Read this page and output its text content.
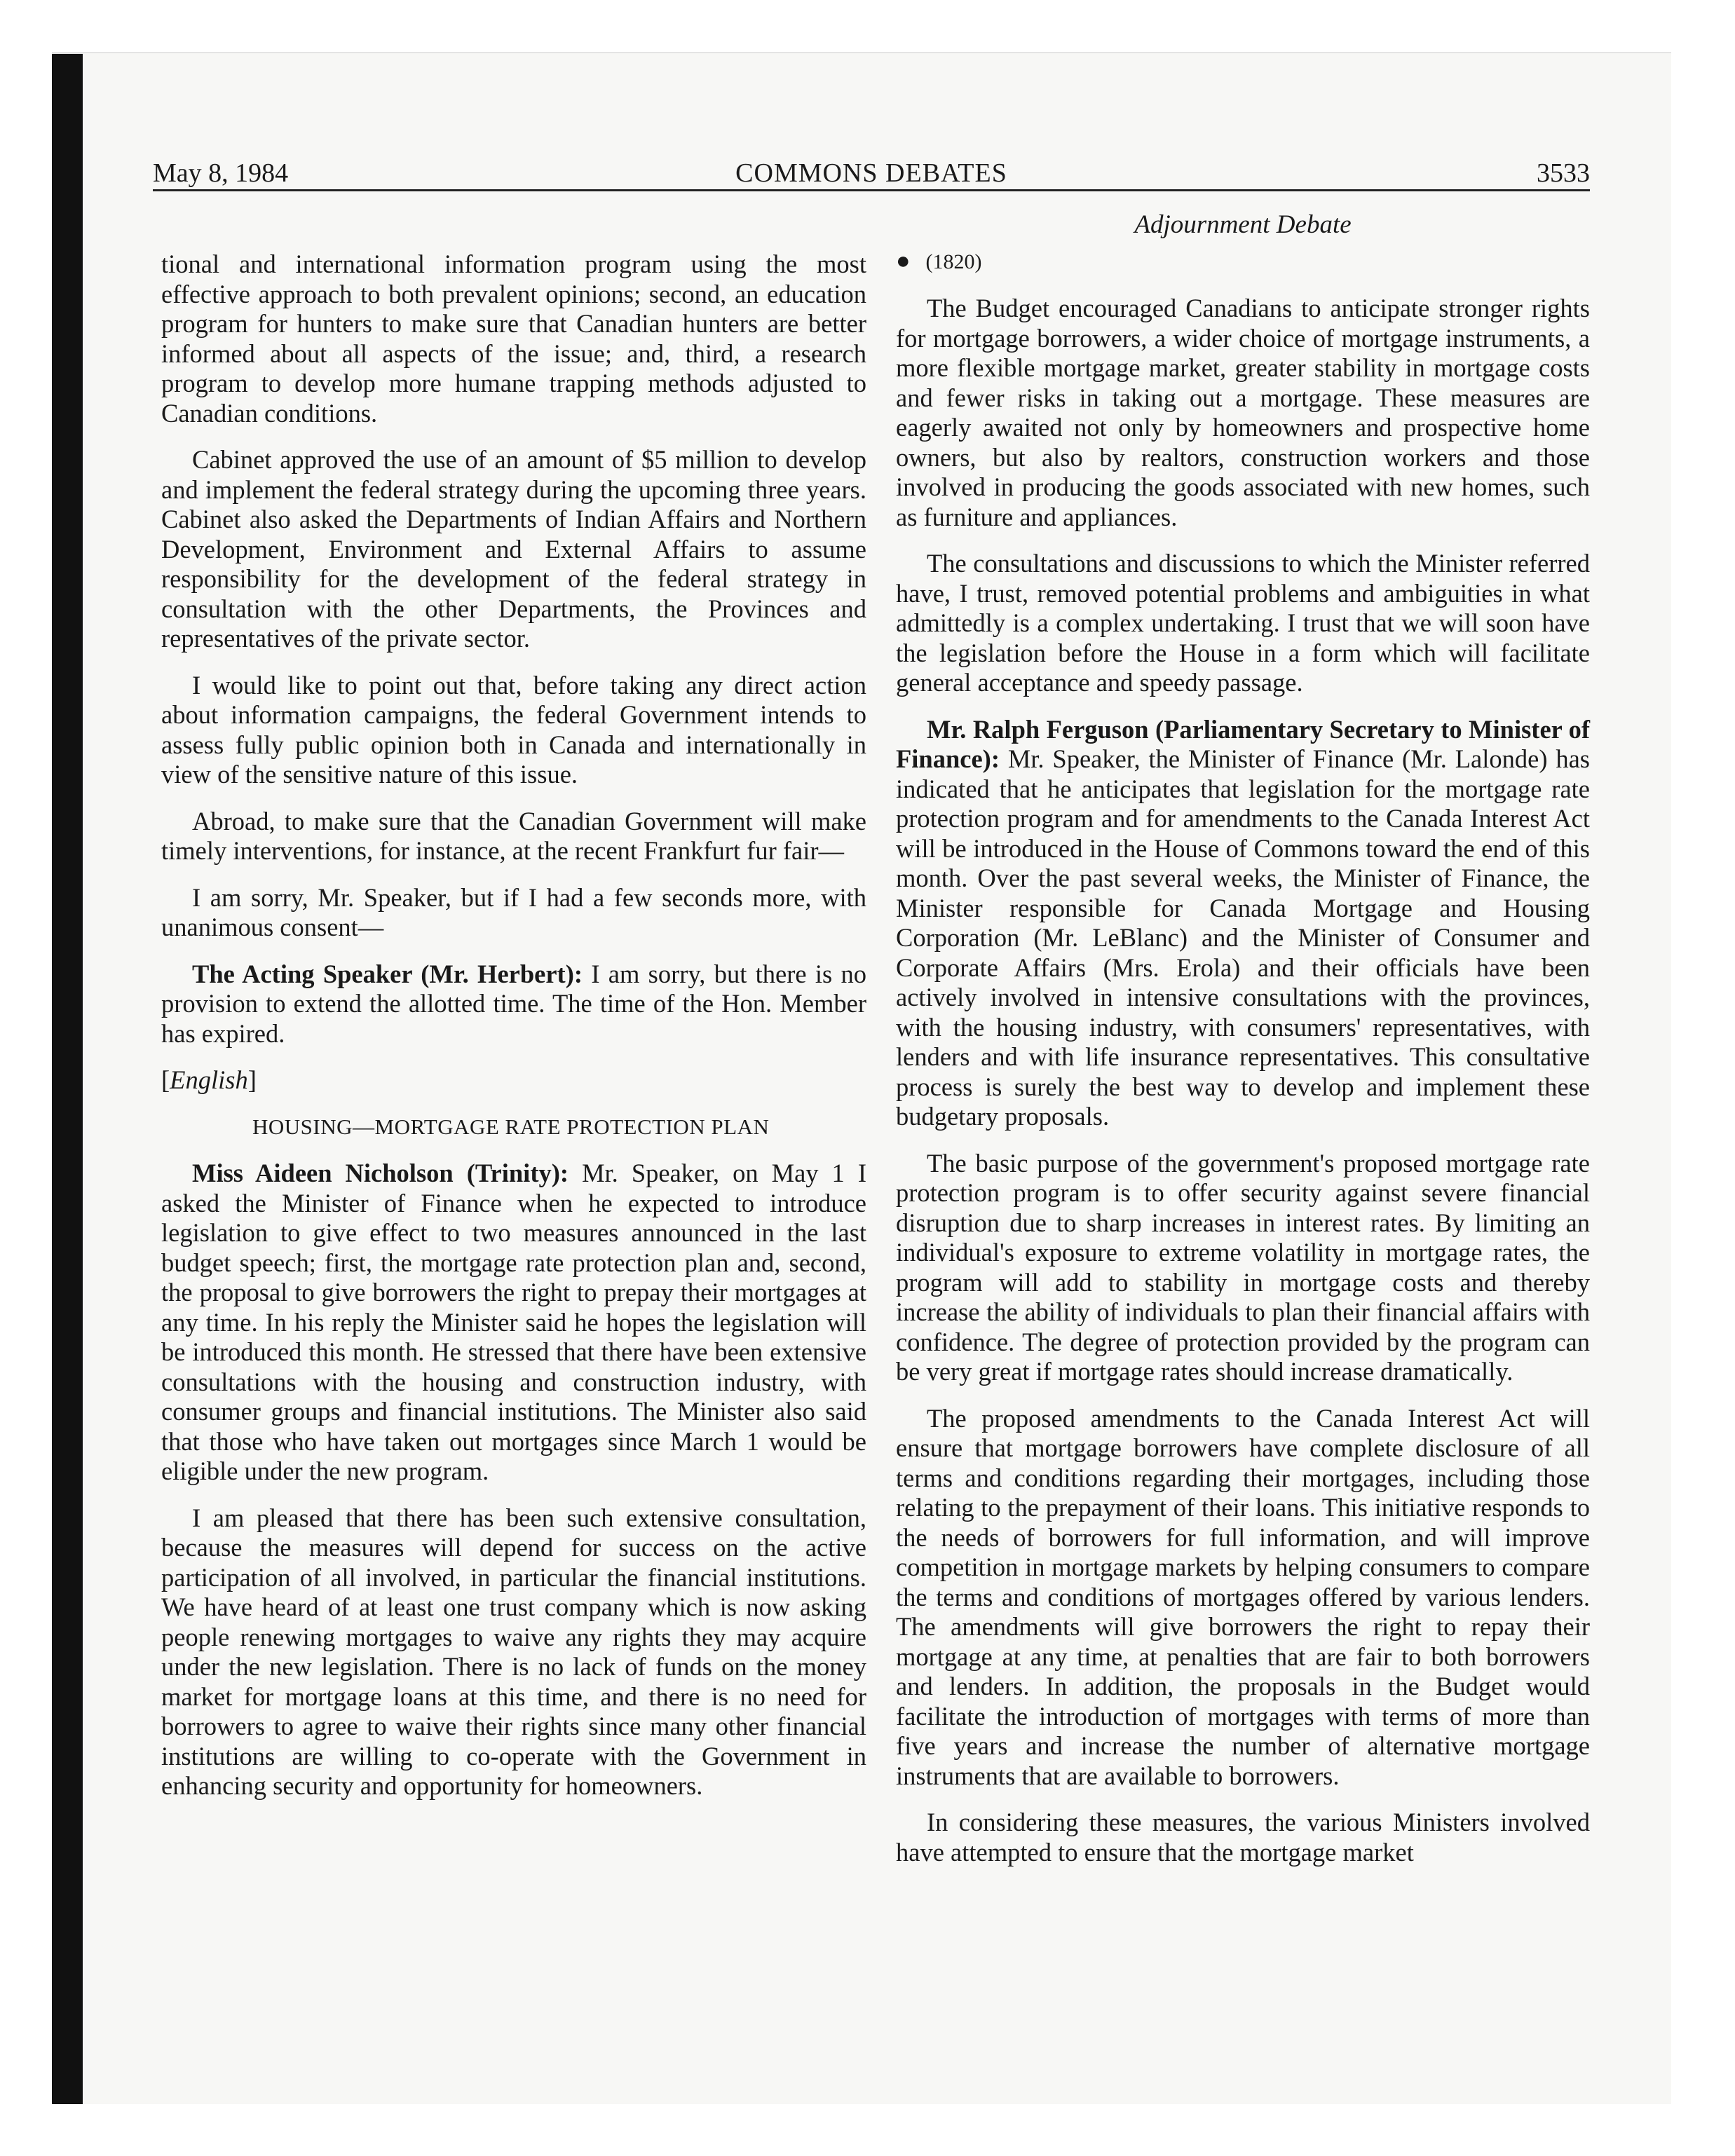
May 8, 1984	COMMONS DEBATES	3533
Adjournment Debate

tional and international information program using the most effective approach to both prevalent opinions; second, an education program for hunters to make sure that Canadian hunters are better informed about all aspects of the issue; and, third, a research program to develop more humane trapping methods adjusted to Canadian conditions.

Cabinet approved the use of an amount of $5 million to develop and implement the federal strategy during the upcoming three years. Cabinet also asked the Departments of Indian Affairs and Northern Development, Environment and External Affairs to assume responsibility for the development of the federal strategy in consultation with the other Departments, the Provinces and representatives of the private sector.

I would like to point out that, before taking any direct action about information campaigns, the federal Government intends to assess fully public opinion both in Canada and internationally in view of the sensitive nature of this issue.

Abroad, to make sure that the Canadian Government will make timely interventions, for instance, at the recent Frankfurt fur fair—

I am sorry, Mr. Speaker, but if I had a few seconds more, with unanimous consent—

The Acting Speaker (Mr. Herbert): I am sorry, but there is no provision to extend the allotted time. The time of the Hon. Member has expired.

[English]

HOUSING—MORTGAGE RATE PROTECTION PLAN

Miss Aideen Nicholson (Trinity): Mr. Speaker, on May 1 I asked the Minister of Finance when he expected to introduce legislation to give effect to two measures announced in the last budget speech; first, the mortgage rate protection plan and, second, the proposal to give borrowers the right to prepay their mortgages at any time. In his reply the Minister said he hopes the legislation will be introduced this month. He stressed that there have been extensive consultations with the housing and construction industry, with consumer groups and financial institutions. The Minister also said that those who have taken out mortgages since March 1 would be eligible under the new program.

I am pleased that there has been such extensive consultation, because the measures will depend for success on the active participation of all involved, in particular the financial institutions. We have heard of at least one trust company which is now asking people renewing mortgages to waive any rights they may acquire under the new legislation. There is no lack of funds on the money market for mortgage loans at this time, and there is no need for borrowers to agree to waive their rights since many other financial institutions are willing to co-operate with the Government in enhancing security and opportunity for homeowners.

● (1820)

The Budget encouraged Canadians to anticipate stronger rights for mortgage borrowers, a wider choice of mortgage instruments, a more flexible mortgage market, greater stability in mortgage costs and fewer risks in taking out a mortgage. These measures are eagerly awaited not only by homeowners and prospective home owners, but also by realtors, construction workers and those involved in producing the goods associated with new homes, such as furniture and appliances.

The consultations and discussions to which the Minister referred have, I trust, removed potential problems and ambiguities in what admittedly is a complex undertaking. I trust that we will soon have the legislation before the House in a form which will facilitate general acceptance and speedy passage.

Mr. Ralph Ferguson (Parliamentary Secretary to Minister of Finance): Mr. Speaker, the Minister of Finance (Mr. Lalonde) has indicated that he anticipates that legislation for the mortgage rate protection program and for amendments to the Canada Interest Act will be introduced in the House of Commons toward the end of this month. Over the past several weeks, the Minister of Finance, the Minister responsible for Canada Mortgage and Housing Corporation (Mr. LeBlanc) and the Minister of Consumer and Corporate Affairs (Mrs. Erola) and their officials have been actively involved in intensive consultations with the provinces, with the housing industry, with consumers' representatives, with lenders and with life insurance representatives. This consultative process is surely the best way to develop and implement these budgetary proposals.

The basic purpose of the government's proposed mortgage rate protection program is to offer security against severe financial disruption due to sharp increases in interest rates. By limiting an individual's exposure to extreme volatility in mortgage rates, the program will add to stability in mortgage costs and thereby increase the ability of individuals to plan their financial affairs with confidence. The degree of protection provided by the program can be very great if mortgage rates should increase dramatically.

The proposed amendments to the Canada Interest Act will ensure that mortgage borrowers have complete disclosure of all terms and conditions regarding their mortgages, including those relating to the prepayment of their loans. This initiative responds to the needs of borrowers for full information, and will improve competition in mortgage markets by helping consumers to compare the terms and conditions of mortgages offered by various lenders. The amendments will give borrowers the right to repay their mortgage at any time, at penalties that are fair to both borrowers and lenders. In addition, the proposals in the Budget would facilitate the introduction of mortgages with terms of more than five years and increase the number of alternative mortgage instruments that are available to borrowers.

In considering these measures, the various Ministers involved have attempted to ensure that the mortgage market
